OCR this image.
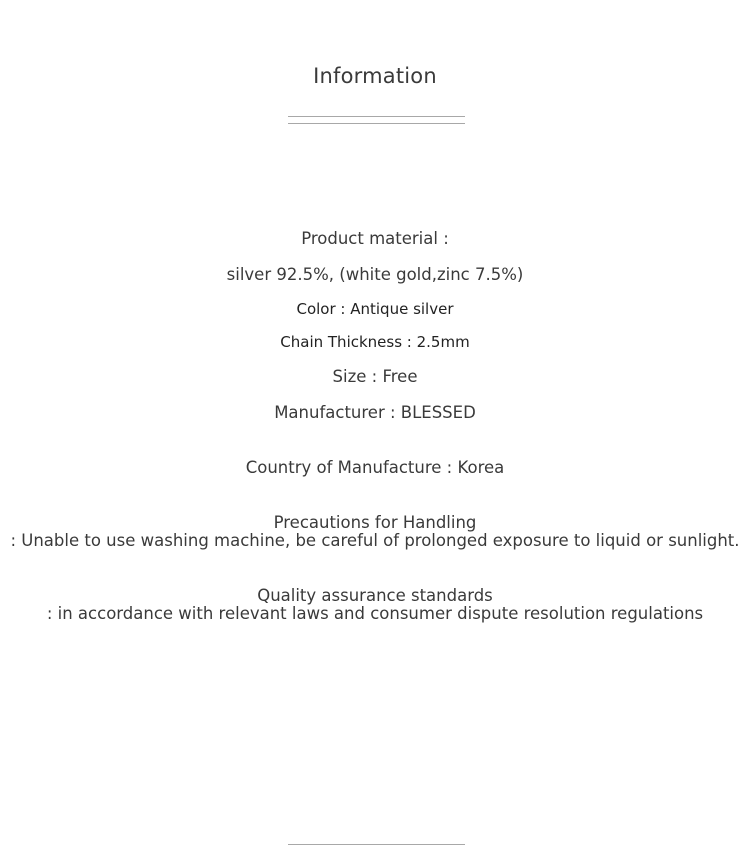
Information
Product material :
silver 92.5%, (white gold,zinc 7.5%)
Color : Antique silver
Chain Thickness : 2.5mm
Size : Free
Manufacturer : BLESSED
Country of Manufacture : Korea
Precautions for Handling
: Unable to use washing machine, be careful of prolonged exposure to liquid or sunlight.
Quality assurance standards
: in accordance with relevant laws and consumer dispute resolution regulations
